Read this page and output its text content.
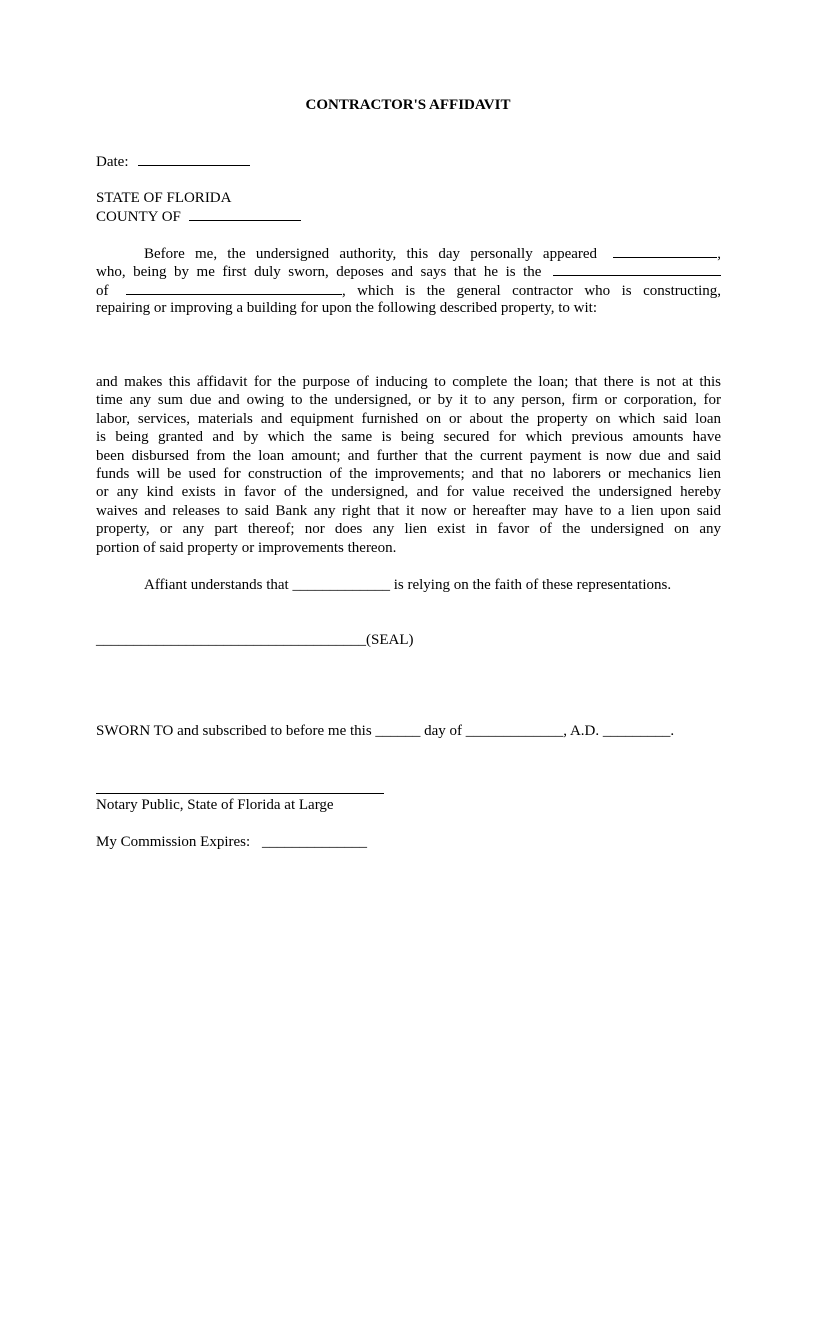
CONTRACTOR'S AFFIDAVIT
Date:
STATE OF FLORIDA
COUNTY OF
Before me, the undersigned authority, this day personally appeared	,
who, being by me first duly sworn, deposes and says that he is the
of	, which is the general contractor who is constructing,
repairing or improving a building for upon the following described property, to wit:
and makes this affidavit for the purpose of inducing to complete the loan; that there is not at this
time any sum due and owing to the undersigned, or by it to any person, firm or corporation, for
labor, services, materials and equipment furnished on or about the property on which said loan
is being granted and by which the same is being secured for which previous amounts have
been disbursed from the loan amount; and further that the current payment is now due and said
funds will be used for construction of the improvements; and that no laborers or mechanics lien
or any kind exists in favor of the undersigned, and for value received the undersigned hereby
waives and releases to said Bank any right that it now or hereafter may have to a lien upon said
property, or any part thereof; nor does any lien exist in favor of the undersigned on any
portion of said property or improvements thereon.
Affiant understands that _____________ is relying on the faith of these representations.
____________________________________(SEAL)
SWORN TO and subscribed to before me this ______ day of _____________, A.D. _________.
Notary Public, State of Florida at Large
My Commission Expires: ______________
